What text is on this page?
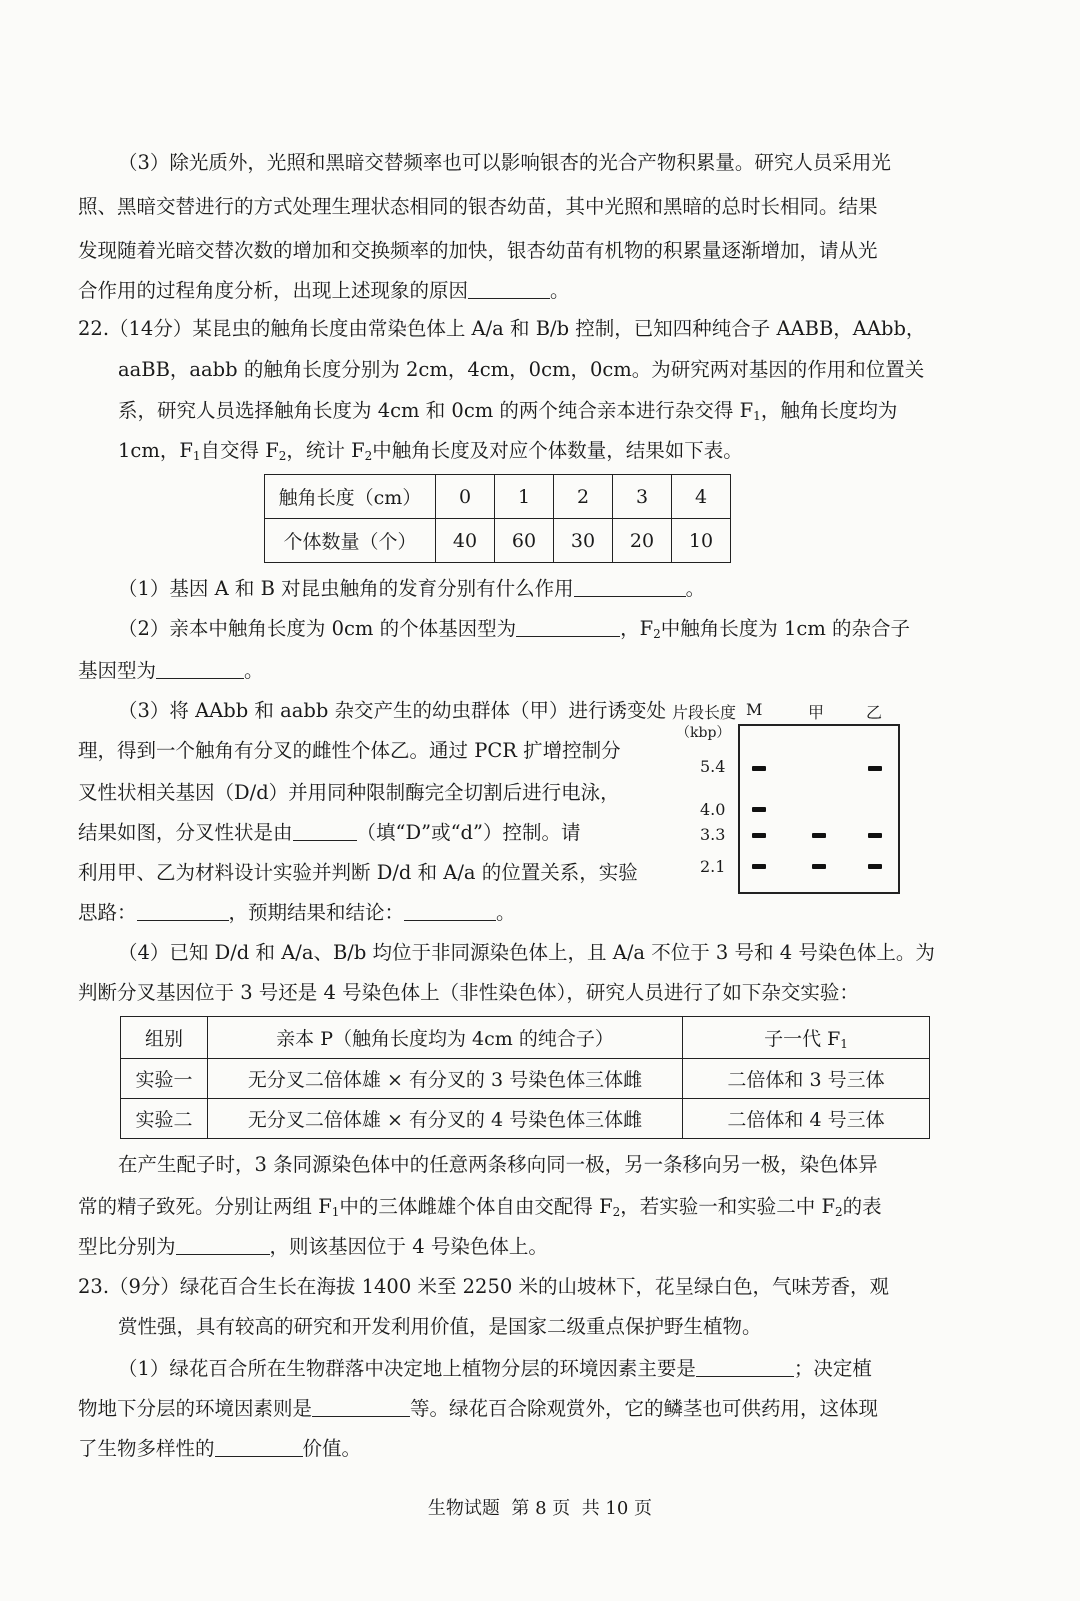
（3）除光质外，光照和黑暗交替频率也可以影响银杏的光合产物积累量。研究人员采用光
照、黑暗交替进行的方式处理生理状态相同的银杏幼苗，其中光照和黑暗的总时长相同。结果
发现随着光暗交替次数的增加和交换频率的加快，银杏幼苗有机物的积累量逐渐增加，请从光
合作用的过程角度分析，出现上述现象的原因	。
22.（14分）某昆虫的触角长度由常染色体上 A/a 和 B/b 控制，已知四种纯合子 AABB，AAbb，
aaBB，aabb 的触角长度分别为 2cm，4cm，0cm，0cm。为研究两对基因的作用和位置关
系，研究人员选择触角长度为 4cm 和 0cm 的两个纯合亲本进行杂交得 $F_1$，触角长度均为
1cm，$F_1$自交得 $F_2$，统计 $F_2$中触角长度及对应个体数量，结果如下表。
触角长度（cm）	0	1	2	3	4
个体数量（个）	40	60	30	20	10
（1）基因 A 和 B 对昆虫触角的发育分别有什么作用	。
（2）亲本中触角长度为 0cm 的个体基因型为	，$F_2$中触角长度为 1cm 的杂合子
基因型为	。
（3）将 AAbb 和 aabb 杂交产生的幼虫群体（甲）进行诱变处
理，得到一个触角有分叉的雌性个体乙。通过 PCR 扩增控制分
叉性状相关基因（D/d）并用同种限制酶完全切割后进行电泳，
结果如图，分叉性状是由	（填“D”或“d”）控制。请
利用甲、乙为材料设计实验并判断 D/d 和 A/a 的位置关系，实验
思路：	，预期结果和结论：	。
片段长度
（kbp）
M	甲	乙
5.4
4.0
3.3
2.1
（4）已知 D/d 和 A/a、B/b 均位于非同源染色体上，且 A/a 不位于 3 号和 4 号染色体上。为
判断分叉基因位于 3 号还是 4 号染色体上（非性染色体），研究人员进行了如下杂交实验：
组别	亲本 P（触角长度均为 4cm 的纯合子）	子一代 $F_1$
实验一	无分叉二倍体雄 × 有分叉的 3 号染色体三体雌	二倍体和 3 号三体
实验二	无分叉二倍体雄 × 有分叉的 4 号染色体三体雌	二倍体和 4 号三体
在产生配子时，3 条同源染色体中的任意两条移向同一极，另一条移向另一极，染色体异
常的精子致死。分别让两组 $F_1$中的三体雌雄个体自由交配得 $F_2$，若实验一和实验二中 $F_2$的表
型比分别为	，则该基因位于 4 号染色体上。
23.（9分）绿花百合生长在海拔 1400 米至 2250 米的山坡林下，花呈绿白色，气味芳香，观
赏性强，具有较高的研究和开发利用价值，是国家二级重点保护野生植物。
（1）绿花百合所在生物群落中决定地上植物分层的环境因素主要是	；决定植
物地下分层的环境因素则是	等。绿花百合除观赏外，它的鳞茎也可供药用，这体现
了生物多样性的	价值。
生物试题  第 8 页  共 10 页
